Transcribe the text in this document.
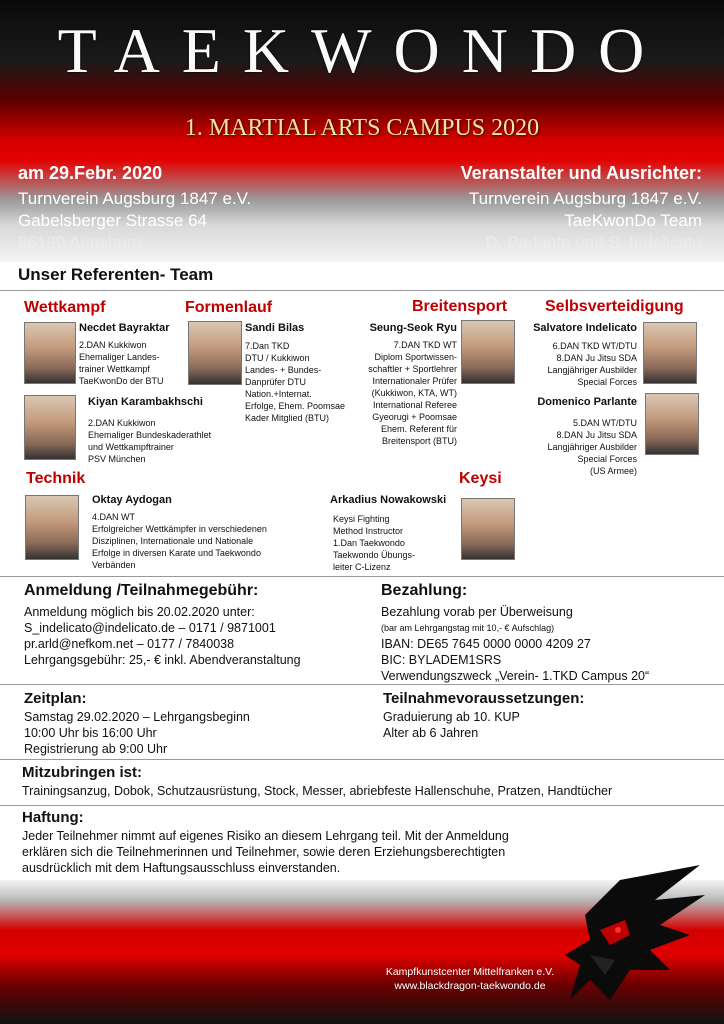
TAEKWONDO
1. MARTIAL ARTS CAMPUS 2020
am 29.Febr. 2020
Turnverein Augsburg 1847 e.V.
Gabelsberger Strasse 64
86199 Augsburg
Veranstalter und Ausrichter:
Turnverein Augsburg 1847 e.V.
TaeKwonDo Team
D. Parlante und S. Indelicato
Unser Referenten- Team
Wettkampf	Formenlauf	Breitensport Selbsverteidigung
Technik	Keysi
Necdet Bayraktar
2.DAN Kukkiwon
Ehemaliger Landes-
trainer Wettkampf
TaeKwonDo der BTU
Kiyan Karambakhschi
2.DAN Kukkiwon
Ehemaliger Bundeskaderathlet
und Wettkampftrainer
PSV München
Sandi Bilas
7.Dan TKD
DTU / Kukkiwon
Landes- + Bundes-
Danprüfer DTU
Nation.+Internat.
Erfolge, Ehem. Poomsae
Kader Mitglied (BTU)
Seung-Seok Ryu
7.DAN TKD WT
Diplom Sportwissen-
schaftler + Sportlehrer
Internationaler Prüfer
(Kukkiwon, KTA, WT)
International Referee
Gyeorugi + Poomsae
Ehem. Referent für
Breitensport (BTU)
Salvatore Indelicato
6.DAN TKD WT/DTU
8.DAN Ju Jitsu SDA
Langjähriger Ausbilder
Special Forces
Domenico Parlante
5.DAN WT/DTU
8.DAN Ju Jitsu SDA
Langjähriger Ausbilder
Special Forces
(US Armee)
Oktay Aydogan
4.DAN WT
Erfolgreicher Wettkämpfer in verschiedenen
Disziplinen, Internationale und Nationale
Erfolge in diversen Karate und Taekwondo
Verbänden
Arkadius Nowakowski
Keysi Fighting
Method Instructor
1.Dan Taekwondo
Taekwondo Übungs-
leiter C-Lizenz
Anmeldung /Teilnahmegebühr:
Anmeldung möglich bis 20.02.2020 unter:
S_indelicato@indelicato.de – 0171 / 9871001
pr.arld@nefkom.net – 0177 / 7840038
Lehrgangsgebühr: 25,- € inkl. Abendveranstaltung
Bezahlung:
Bezahlung vorab per Überweisung
(bar am Lehrgangstag mit 10,- € Aufschlag)
IBAN: DE65 7645 0000 0000 4209 27
BIC: BYLADEM1SRS
Verwendungszweck „Verein- 1.TKD Campus 20“
Zeitplan:
Samstag 29.02.2020 – Lehrgangsbeginn
10:00 Uhr bis 16:00 Uhr
Registrierung ab 9:00 Uhr
Teilnahmevoraussetzungen:
Graduierung ab 10. KUP
Alter ab 6 Jahren
Mitzubringen ist:
Trainingsanzug, Dobok, Schutzausrüstung, Stock, Messer, abriebfeste Hallenschuhe, Pratzen, Handtücher
Haftung:
Jeder Teilnehmer nimmt auf eigenes Risiko an diesem Lehrgang teil. Mit der Anmeldung
erklären sich die Teilnehmerinnen und Teilnehmer, sowie deren Erziehungsberechtigten
ausdrücklich mit dem Haftungsausschluss einverstanden.
Kampfkunstcenter Mittelfranken e.V.
www.blackdragon-taekwondo.de
